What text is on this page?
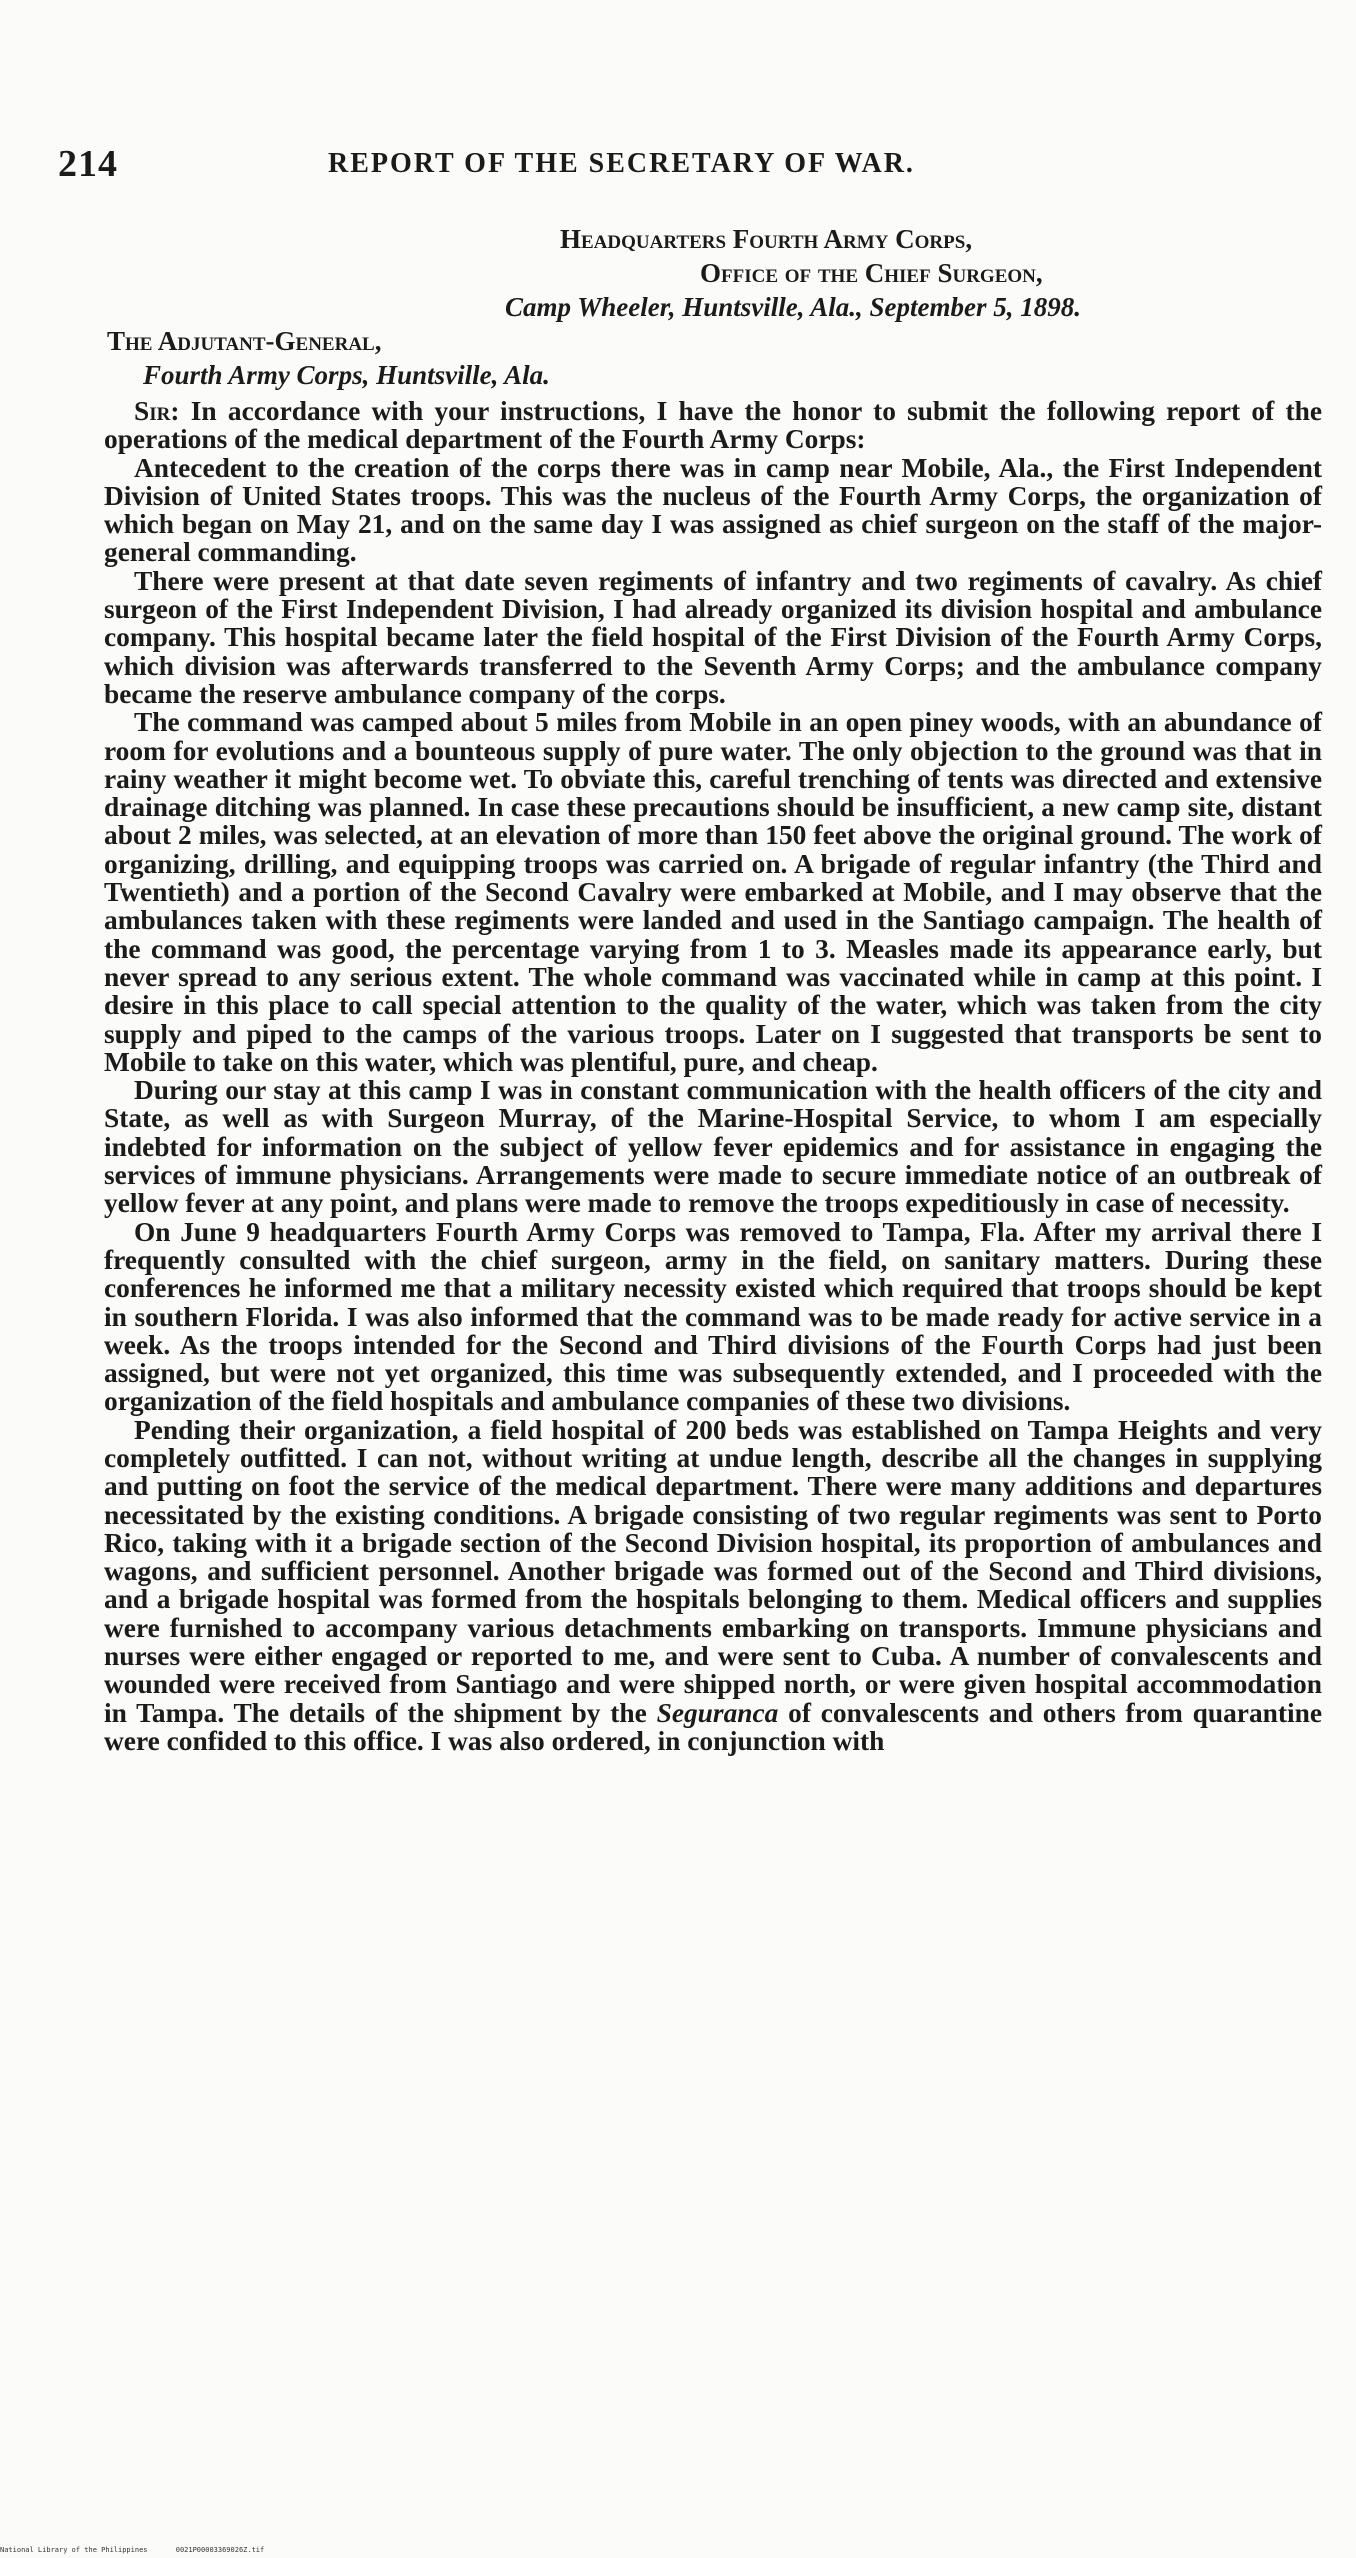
214	REPORT OF THE SECRETARY OF WAR.
Headquarters Fourth Army Corps,
Office of the Chief Surgeon,
Camp Wheeler, Huntsville, Ala., September 5, 1898.
The Adjutant-General,
Fourth Army Corps, Huntsville, Ala.

Sir: In accordance with your instructions, I have the honor to submit the following report of the operations of the medical department of the Fourth Army Corps:

Antecedent to the creation of the corps there was in camp near Mobile, Ala., the First Independent Division of United States troops. This was the nucleus of the Fourth Army Corps, the organization of which began on May 21, and on the same day I was assigned as chief surgeon on the staff of the major-general commanding.

There were present at that date seven regiments of infantry and two regiments of cavalry. As chief surgeon of the First Independent Division, I had already organized its division hospital and ambulance company. This hospital became later the field hospital of the First Division of the Fourth Army Corps, which division was afterwards transferred to the Seventh Army Corps; and the ambulance company became the reserve ambulance company of the corps.

The command was camped about 5 miles from Mobile in an open piney woods, with an abundance of room for evolutions and a bounteous supply of pure water. The only objection to the ground was that in rainy weather it might become wet. To obviate this, careful trenching of tents was directed and extensive drainage ditching was planned. In case these precautions should be insufficient, a new camp site, distant about 2 miles, was selected, at an elevation of more than 150 feet above the original ground. The work of organizing, drilling, and equipping troops was carried on. A brigade of regular infantry (the Third and Twentieth) and a portion of the Second Cavalry were embarked at Mobile, and I may observe that the ambulances taken with these regiments were landed and used in the Santiago campaign. The health of the command was good, the percentage varying from 1 to 3. Measles made its appearance early, but never spread to any serious extent. The whole command was vaccinated while in camp at this point. I desire in this place to call special attention to the quality of the water, which was taken from the city supply and piped to the camps of the various troops. Later on I suggested that transports be sent to Mobile to take on this water, which was plentiful, pure, and cheap.

During our stay at this camp I was in constant communication with the health officers of the city and State, as well as with Surgeon Murray, of the Marine-Hospital Service, to whom I am especially indebted for information on the subject of yellow fever epidemics and for assistance in engaging the services of immune physicians. Arrangements were made to secure immediate notice of an outbreak of yellow fever at any point, and plans were made to remove the troops expeditiously in case of necessity.

On June 9 headquarters Fourth Army Corps was removed to Tampa, Fla. After my arrival there I frequently consulted with the chief surgeon, army in the field, on sanitary matters. During these conferences he informed me that a military necessity existed which required that troops should be kept in southern Florida. I was also informed that the command was to be made ready for active service in a week. As the troops intended for the Second and Third divisions of the Fourth Corps had just been assigned, but were not yet organized, this time was subsequently extended, and I proceeded with the organization of the field hospitals and ambulance companies of these two divisions.

Pending their organization, a field hospital of 200 beds was established on Tampa Heights and very completely outfitted. I can not, without writing at undue length, describe all the changes in supplying and putting on foot the service of the medical department. There were many additions and departures necessitated by the existing conditions. A brigade consisting of two regular regiments was sent to Porto Rico, taking with it a brigade section of the Second Division hospital, its proportion of ambulances and wagons, and sufficient personnel. Another brigade was formed out of the Second and Third divisions, and a brigade hospital was formed from the hospitals belonging to them. Medical officers and supplies were furnished to accompany various detachments embarking on transports. Immune physicians and nurses were either engaged or reported to me, and were sent to Cuba. A number of convalescents and wounded were received from Santiago and were shipped north, or were given hospital accommodation in Tampa. The details of the shipment by the Seguranca of convalescents and others from quarantine were confided to this office. I was also ordered, in conjunction with

National Library of the Philippines	0021P00003369026Z.tif
